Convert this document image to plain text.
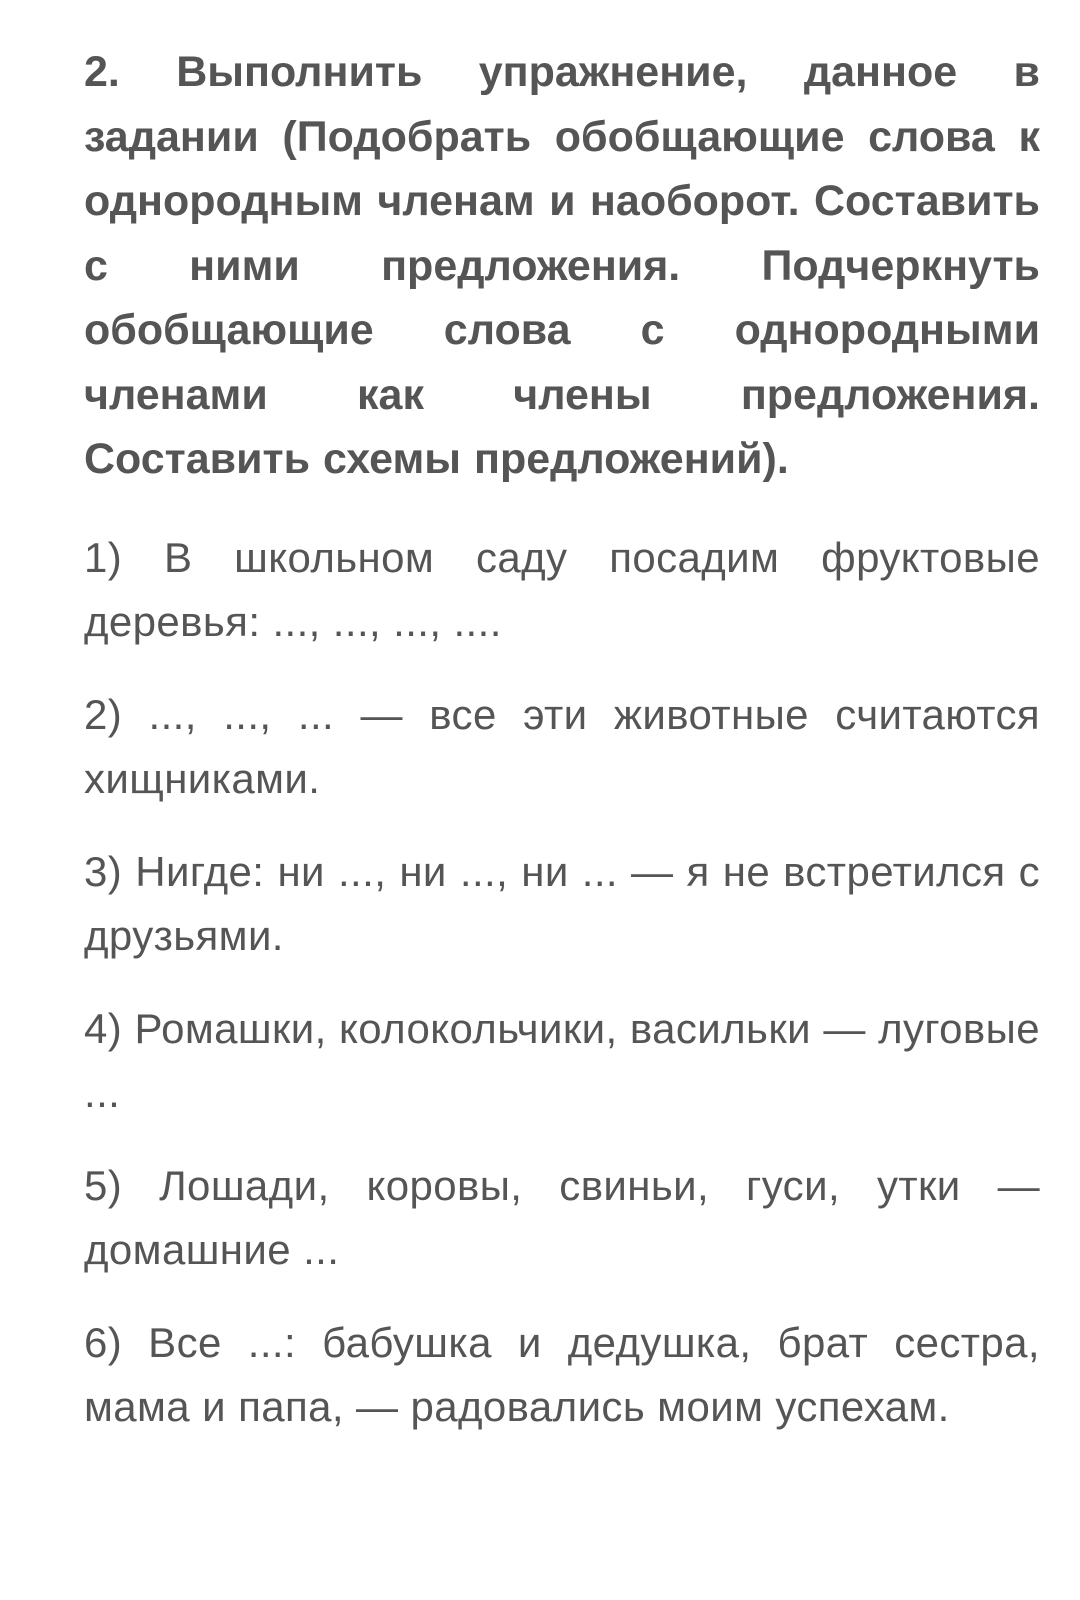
2. Выполнить упражнение, данное в задании (Подобрать обобщающие слова к однородным членам и наоборот. Составить с ними предложения. Подчеркнуть обобщающие слова с однородными членами как члены предложения. Составить схемы предложений).

1) В школьном саду посадим фруктовые деревья: ..., ..., ..., ....

2) ..., ..., ... — все эти животные считаются хищниками.

3) Нигде: ни ..., ни ..., ни ... — я не встретился с друзьями.

4) Ромашки, колокольчики, васильки — луговые ...

5) Лошади, коровы, свиньи, гуси, утки — домашние ...

6) Все ...: бабушка и дедушка, брат сестра, мама и папа, — радовались моим успехам.
